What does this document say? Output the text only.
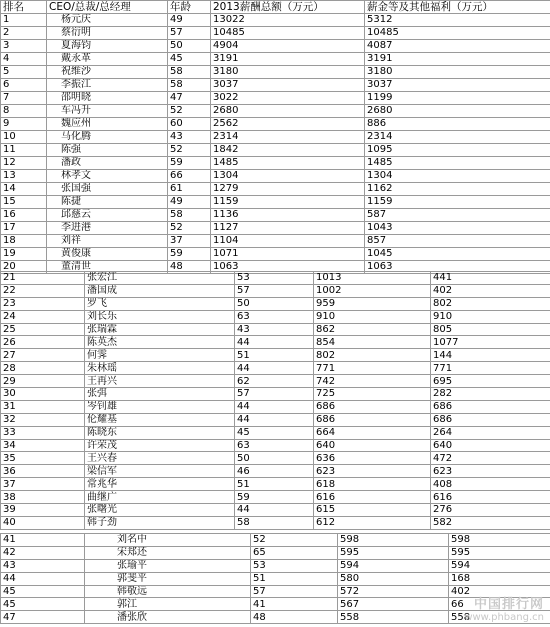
排名	CEO/总裁/总经理	年龄	2013薪酬总额（万元）	薪金等及其他福利（万元）
1	杨元庆	49	13022	5312
2	蔡衍明	57	10485	10485
3	夏海钧	50	4904	4087
4	戴永革	45	3191	3191
5	祝维沙	58	3180	3180
6	李振江	58	3037	3037
7	邵明晓	47	3022	1199
8	车冯升	52	2680	2680
9	魏应州	60	2562	886
10	马化腾	43	2314	2314
11	陈强	52	1842	1095
12	潘政	59	1485	1485
13	林孝文	66	1304	1304
14	张国强	61	1279	1162
15	陈捷	49	1159	1159
16	邱慈云	58	1136	587
17	李进港	52	1127	1043
18	刘祥	37	1104	857
19	黄俊康	59	1071	1045
20	董清世	48	1063	1063
21	张宏江	53	1013	441
22	潘国成	57	1002	402
23	罗飞	50	959	802
24	刘长乐	63	910	910
25	张瑞霖	43	862	805
26	陈英杰	44	854	1077
27	何霁	51	802	144
28	朱林瑶	44	771	771
29	王再兴	62	742	695
30	张弭	57	725	282
31	岑钊雄	44	686	686
32	伦耀基	44	686	686
33	陈晓东	45	664	264
34	许荣茂	63	640	640
35	王兴春	50	636	472
36	梁信军	46	623	623
37	常兆华	51	618	408
38	曲继广	59	616	616
39	张曙光	44	615	276
40	韩子劲	58	612	582
41	刘名中	52	598	598
42	宋郑还	65	595	595
43	张瑜平	53	594	594
44	郭斐平	51	580	168
45	韩敬远	57	572	402
45	郭江	41	567	66
47	潘张欣	48	558	558
中国排行网
www.phbang.cn
